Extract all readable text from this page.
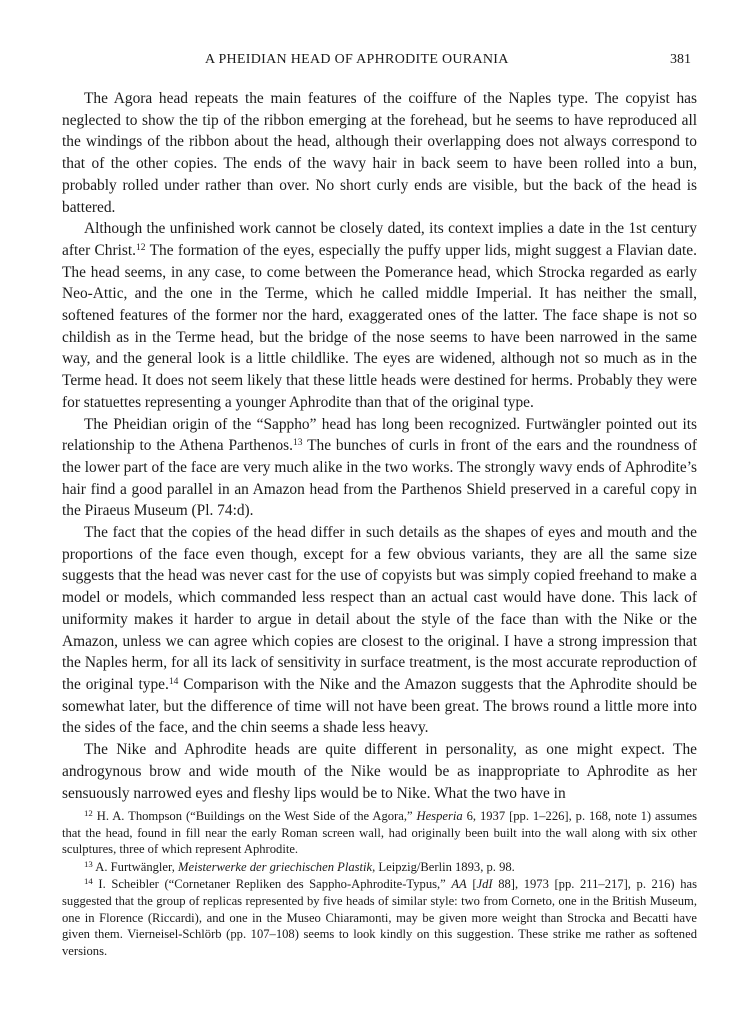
A PHEIDIAN HEAD OF APHRODITE OURANIA	381

The Agora head repeats the main features of the coiffure of the Naples type. The copyist has neglected to show the tip of the ribbon emerging at the forehead, but he seems to have reproduced all the windings of the ribbon about the head, although their overlapping does not always correspond to that of the other copies. The ends of the wavy hair in back seem to have been rolled into a bun, probably rolled under rather than over. No short curly ends are visible, but the back of the head is battered.

Although the unfinished work cannot be closely dated, its context implies a date in the 1st century after Christ.$^{12}$ The formation of the eyes, especially the puffy upper lids, might suggest a Flavian date. The head seems, in any case, to come between the Pomerance head, which Strocka regarded as early Neo-Attic, and the one in the Terme, which he called middle Imperial. It has neither the small, softened features of the former nor the hard, exaggerated ones of the latter. The face shape is not so childish as in the Terme head, but the bridge of the nose seems to have been narrowed in the same way, and the general look is a little childlike. The eyes are widened, although not so much as in the Terme head. It does not seem likely that these little heads were destined for herms. Probably they were for statuettes representing a younger Aphrodite than that of the original type.

The Pheidian origin of the “Sappho” head has long been recognized. Furtwängler pointed out its relationship to the Athena Parthenos.$^{13}$ The bunches of curls in front of the ears and the roundness of the lower part of the face are very much alike in the two works. The strongly wavy ends of Aphrodite’s hair find a good parallel in an Amazon head from the Parthenos Shield preserved in a careful copy in the Piraeus Museum (Pl. 74:d).

The fact that the copies of the head differ in such details as the shapes of eyes and mouth and the proportions of the face even though, except for a few obvious variants, they are all the same size suggests that the head was never cast for the use of copyists but was simply copied freehand to make a model or models, which commanded less respect than an actual cast would have done. This lack of uniformity makes it harder to argue in detail about the style of the face than with the Nike or the Amazon, unless we can agree which copies are closest to the original. I have a strong impression that the Naples herm, for all its lack of sensitivity in surface treatment, is the most accurate reproduction of the original type.$^{14}$ Comparison with the Nike and the Amazon suggests that the Aphrodite should be somewhat later, but the difference of time will not have been great. The brows round a little more into the sides of the face, and the chin seems a shade less heavy.

The Nike and Aphrodite heads are quite different in personality, as one might expect. The androgynous brow and wide mouth of the Nike would be as inappropriate to Aphrodite as her sensuously narrowed eyes and fleshy lips would be to Nike. What the two have in

$^{12}$ H. A. Thompson (“Buildings on the West Side of the Agora,” Hesperia 6, 1937 [pp. 1–226], p. 168, note 1) assumes that the head, found in fill near the early Roman screen wall, had originally been built into the wall along with six other sculptures, three of which represent Aphrodite.

$^{13}$ A. Furtwängler, Meisterwerke der griechischen Plastik, Leipzig/Berlin 1893, p. 98.

$^{14}$ I. Scheibler (“Cornetaner Repliken des Sappho-Aphrodite-Typus,” AA [JdI 88], 1973 [pp. 211–217], p. 216) has suggested that the group of replicas represented by five heads of similar style: two from Corneto, one in the British Museum, one in Florence (Riccardi), and one in the Museo Chiaramonti, may be given more weight than Strocka and Becatti have given them. Vierneisel-Schlörb (pp. 107–108) seems to look kindly on this suggestion. These strike me rather as softened versions.
